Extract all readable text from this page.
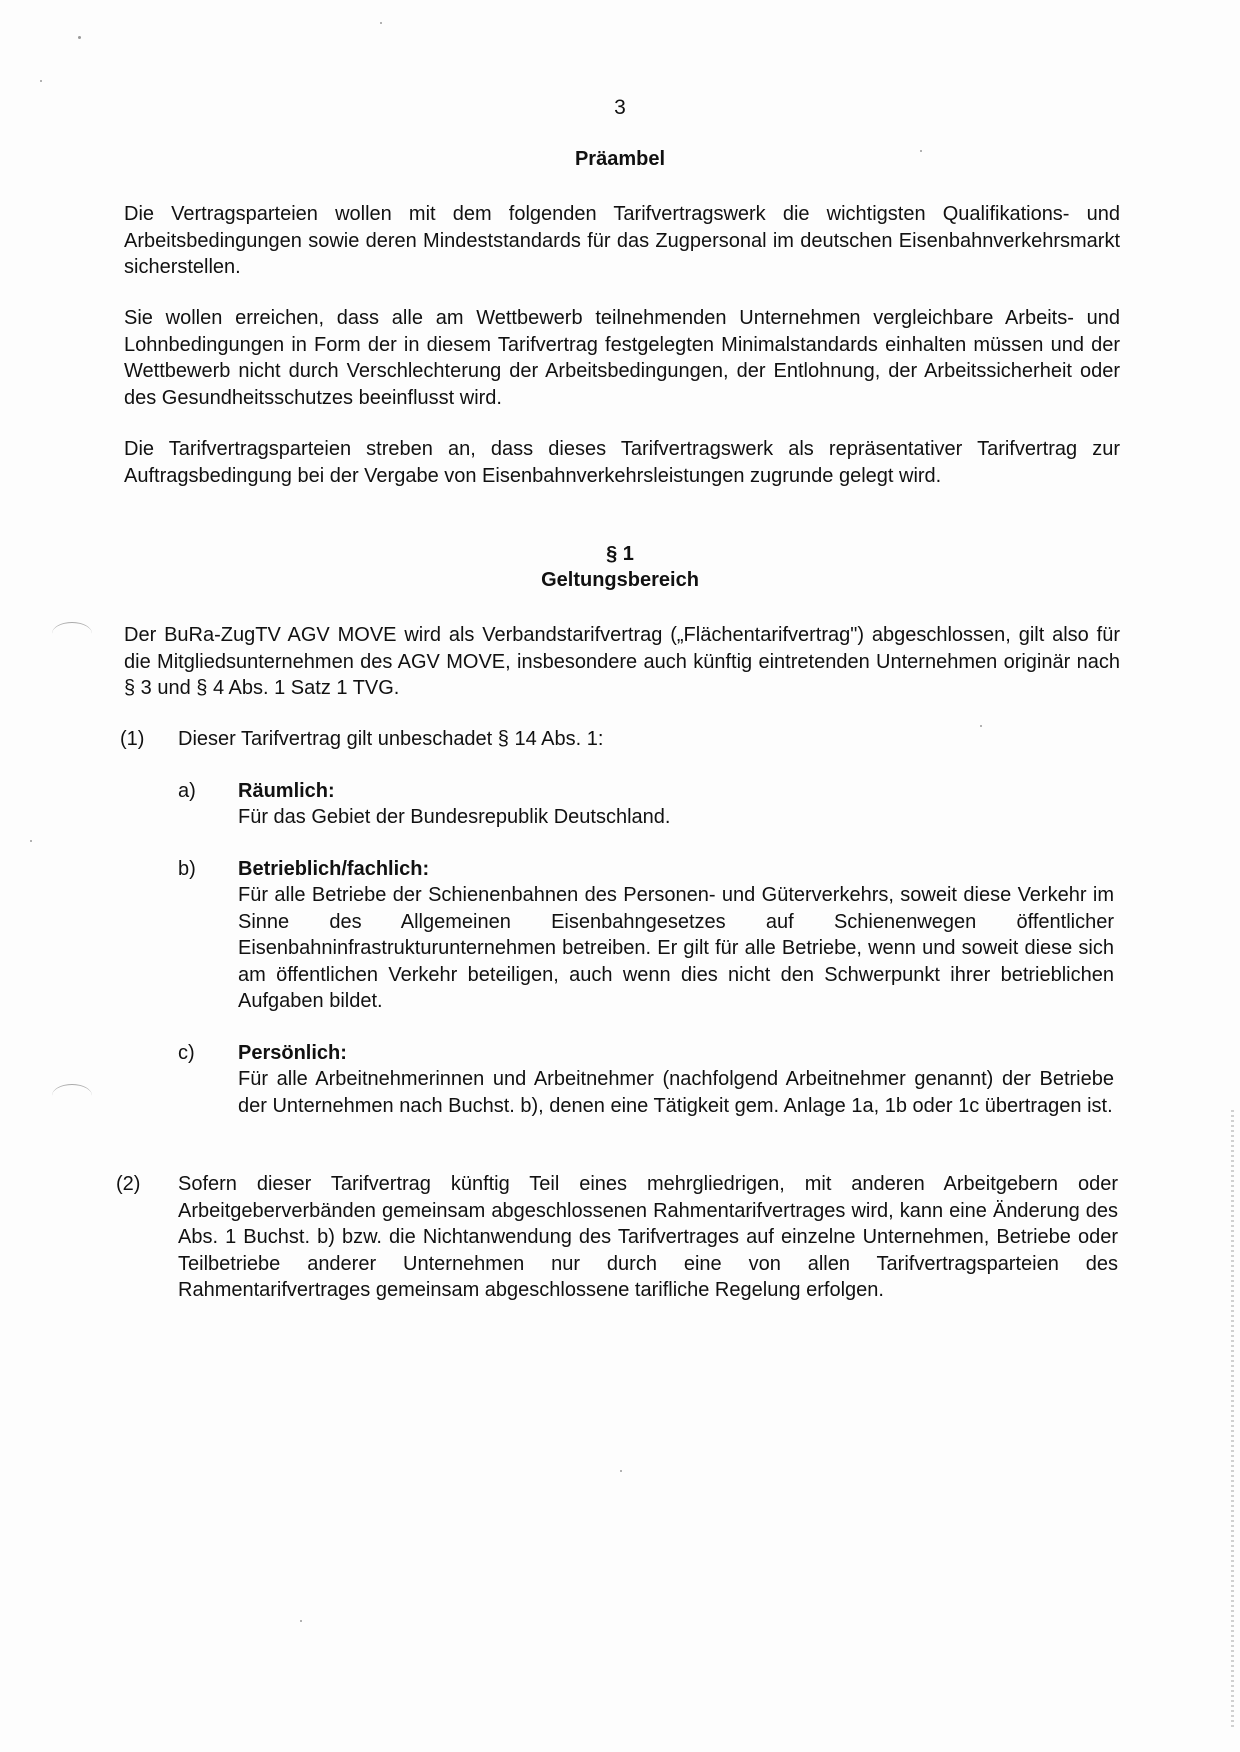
3
Präambel
Die Vertragsparteien wollen mit dem folgenden Tarifvertragswerk die wichtigsten Qualifikations- und Arbeitsbedingungen sowie deren Mindeststandards für das Zugpersonal im deutschen Eisenbahnverkehrsmarkt sicherstellen.
Sie wollen erreichen, dass alle am Wettbewerb teilnehmenden Unternehmen vergleichbare Arbeits- und Lohnbedingungen in Form der in diesem Tarifvertrag festgelegten Minimalstandards einhalten müssen und der Wettbewerb nicht durch Verschlechterung der Arbeitsbedingungen, der Entlohnung, der Arbeitssicherheit oder des Gesundheitsschutzes beeinflusst wird.
Die Tarifvertragsparteien streben an, dass dieses Tarifvertragswerk als repräsentativer Tarifvertrag zur Auftragsbedingung bei der Vergabe von Eisenbahnverkehrsleistungen zugrunde gelegt wird.
§ 1
Geltungsbereich
Der BuRa-ZugTV AGV MOVE wird als Verbandstarifvertrag („Flächentarifvertrag") abgeschlossen, gilt also für die Mitgliedsunternehmen des AGV MOVE, insbesondere auch künftig eintretenden Unternehmen originär nach § 3 und § 4 Abs. 1 Satz 1 TVG.
(1) Dieser Tarifvertrag gilt unbeschadet § 14 Abs. 1:
a) Räumlich:
Für das Gebiet der Bundesrepublik Deutschland.
b) Betrieblich/fachlich:
Für alle Betriebe der Schienenbahnen des Personen- und Güterverkehrs, soweit diese Verkehr im Sinne des Allgemeinen Eisenbahngesetzes auf Schienenwegen öffentlicher Eisenbahninfrastrukturunternehmen betreiben. Er gilt für alle Betriebe, wenn und soweit diese sich am öffentlichen Verkehr beteiligen, auch wenn dies nicht den Schwerpunkt ihrer betrieblichen Aufgaben bildet.
c) Persönlich:
Für alle Arbeitnehmerinnen und Arbeitnehmer (nachfolgend Arbeitnehmer genannt) der Betriebe der Unternehmen nach Buchst. b), denen eine Tätigkeit gem. Anlage 1a, 1b oder 1c übertragen ist.
(2) Sofern dieser Tarifvertrag künftig Teil eines mehrgliedrigen, mit anderen Arbeitgebern oder Arbeitgeberverbänden gemeinsam abgeschlossenen Rahmentarifvertrages wird, kann eine Änderung des Abs. 1 Buchst. b) bzw. die Nichtanwendung des Tarifvertrages auf einzelne Unternehmen, Betriebe oder Teilbetriebe anderer Unternehmen nur durch eine von allen Tarifvertragsparteien des Rahmentarifvertrages gemeinsam abgeschlossene tarifliche Regelung erfolgen.
